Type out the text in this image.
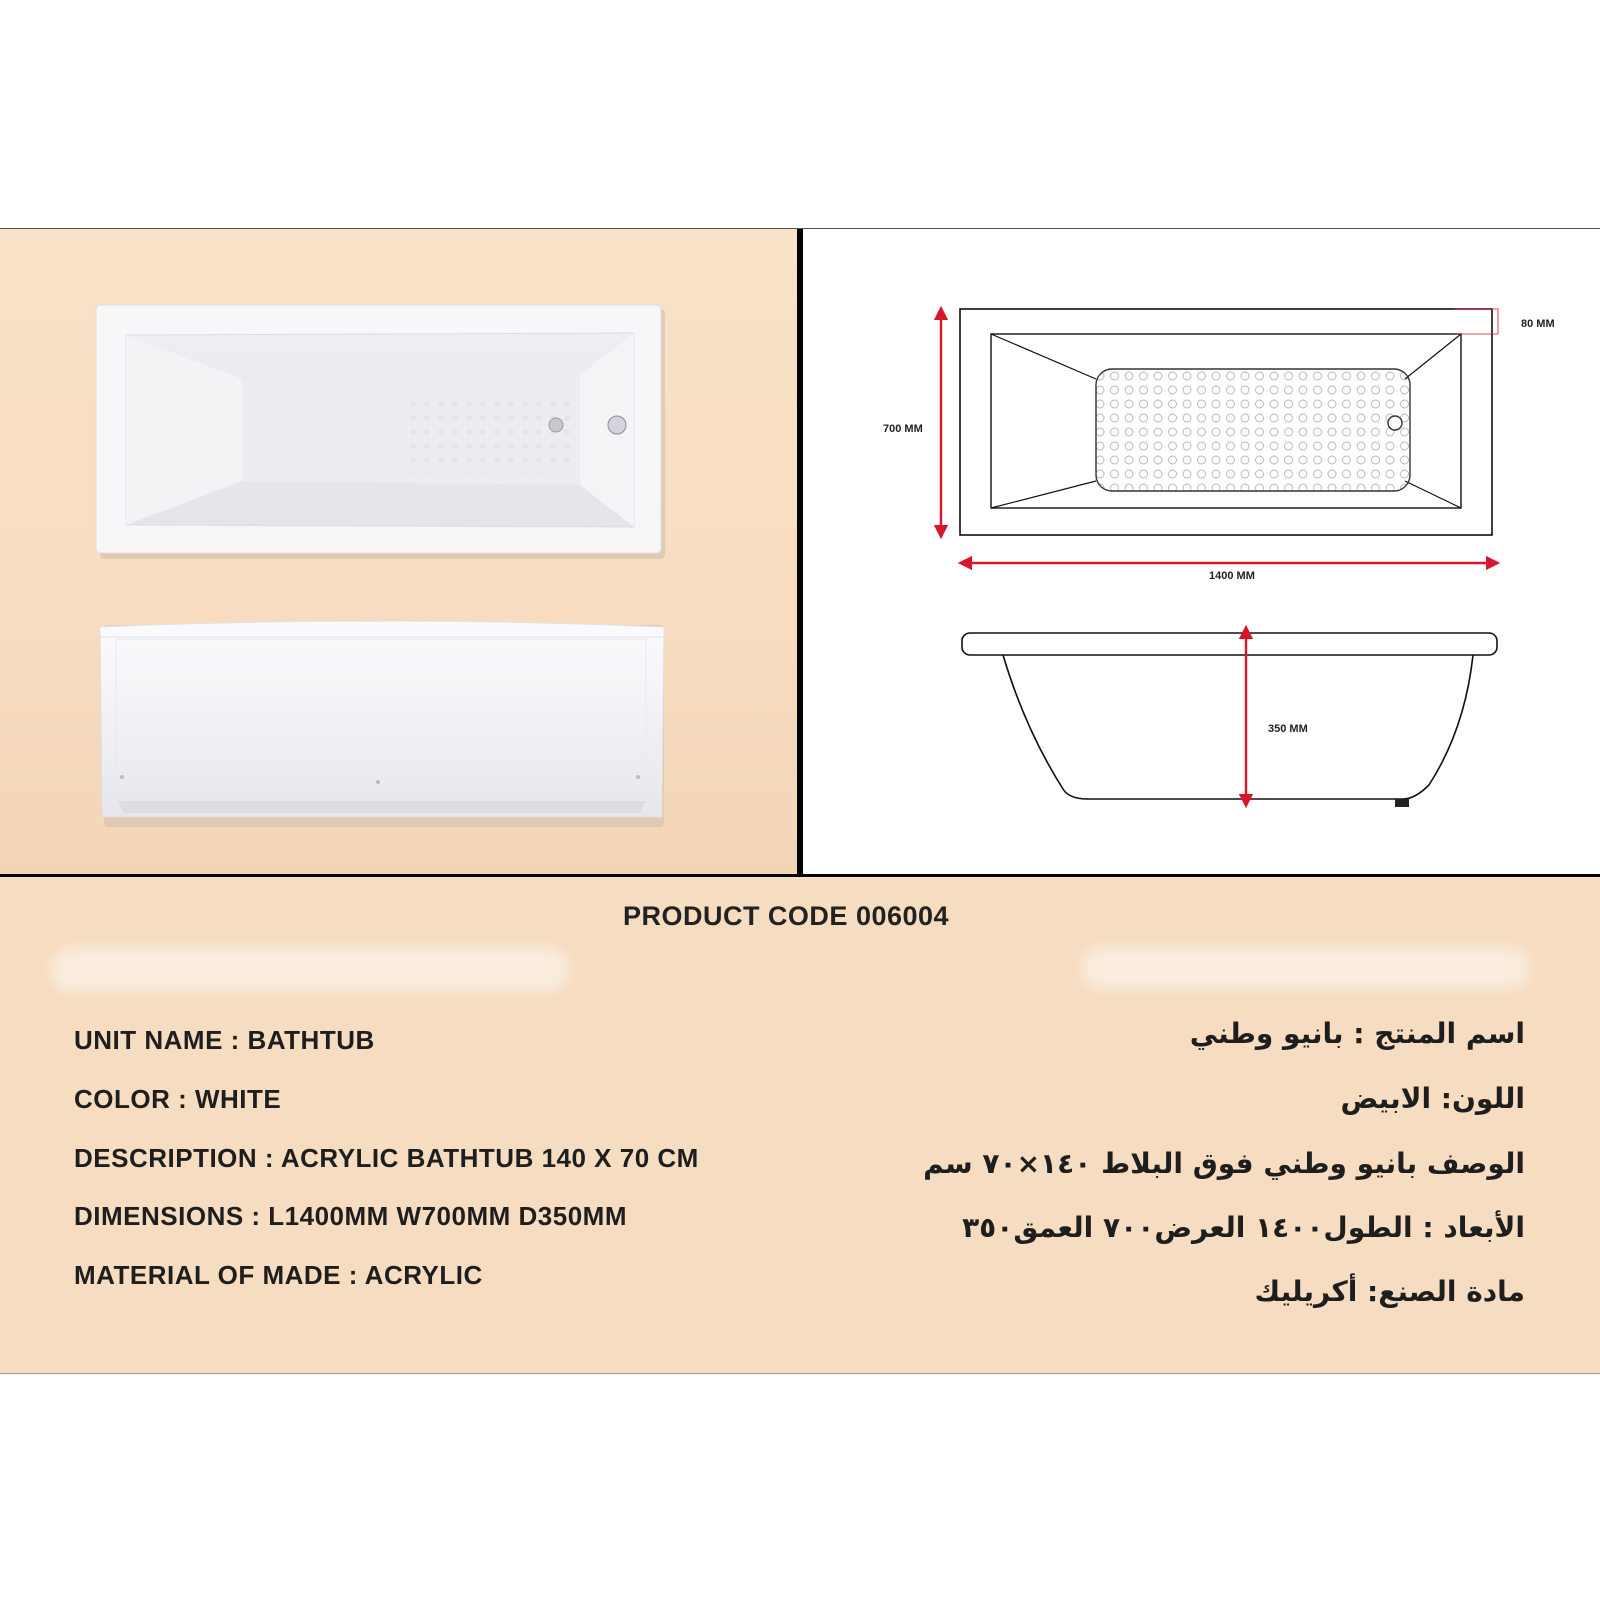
80 MM
700 MM
1400 MM
350 MM
PRODUCT CODE 006004
UNIT NAME : BATHTUB
COLOR : WHITE
DESCRIPTION : ACRYLIC BATHTUB 140 X 70 CM
DIMENSIONS : L1400MM W700MM D350MM
MATERIAL OF MADE : ACRYLIC
اسم المنتج : بانيو وطني
اللون: الابيض
الوصف بانيو وطني فوق البلاط ١٤٠×٧٠ سم
الأبعاد : الطول١٤٠٠ العرض٧٠٠ العمق٣٥٠
مادة الصنع: أكريليك
